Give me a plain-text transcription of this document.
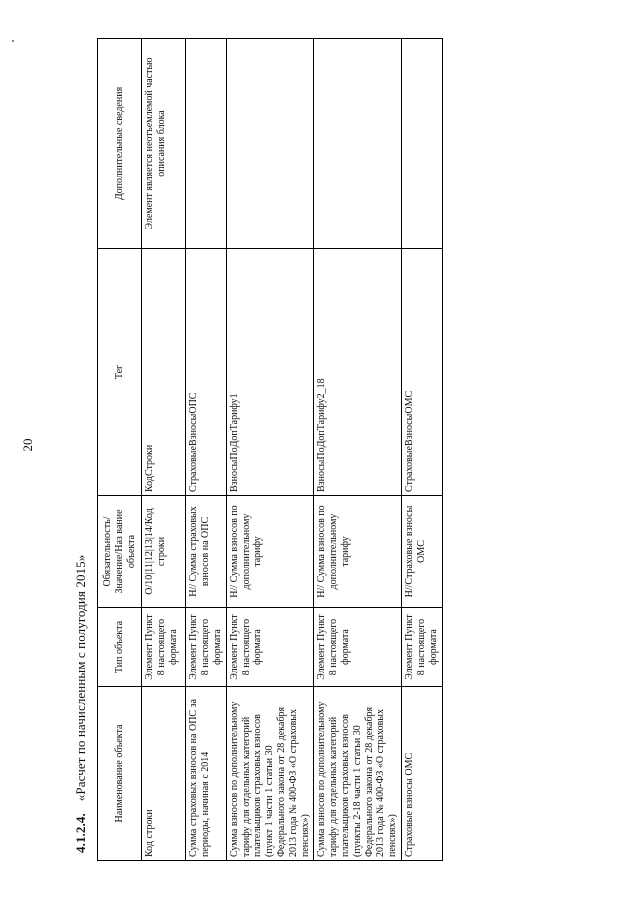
20
4.1.2.4.«Расчет по начисленным с полугодия 2015»	Наименование объекта	Тип объекта	Обязательность/Значение/Наз вание объекта	Тег	Дополнительные сведения
Код строки	Элемент Пункт 8 настоящего формата	О/10|11|12|13|14/Код строки	КодСтроки	Элемент является неотъемлемой частью описания блока
Сумма страховых взносов на ОПС за периоды, начиная с 2014	Элемент Пункт 8 настоящего формата	Н// Сумма страховых взносов на ОПС	СтраховыеВзносыОПС	
Сумма взносов по дополнительному тарифу для отдельных категорий плательщиков страховых взносов (пункт 1 части 1 статьи 30 Федерального закона от 28 декабря 2013 года № 400-ФЗ «О страховых пенсиях»)	Элемент Пункт 8 настоящего формата	Н// Сумма взносов по дополнительному тарифу	ВзносыПоДопТарифу1	
Сумма взносов по дополнительному тарифу для отдельных категорий плательщиков страховых взносов (пункты 2-18 части 1 статьи 30 Федерального закона от 28 декабря 2013 года № 400-ФЗ «О страховых пенсиях»)	Элемент Пункт 8 настоящего формата	Н// Сумма взносов по дополнительному тарифу	ВзносыПоДопТарифу2_18	
Страховые взносы ОМС	Элемент Пункт 8 настоящего формата	Н//Страховые взносы ОМС	СтраховыеВзносыОМС	
